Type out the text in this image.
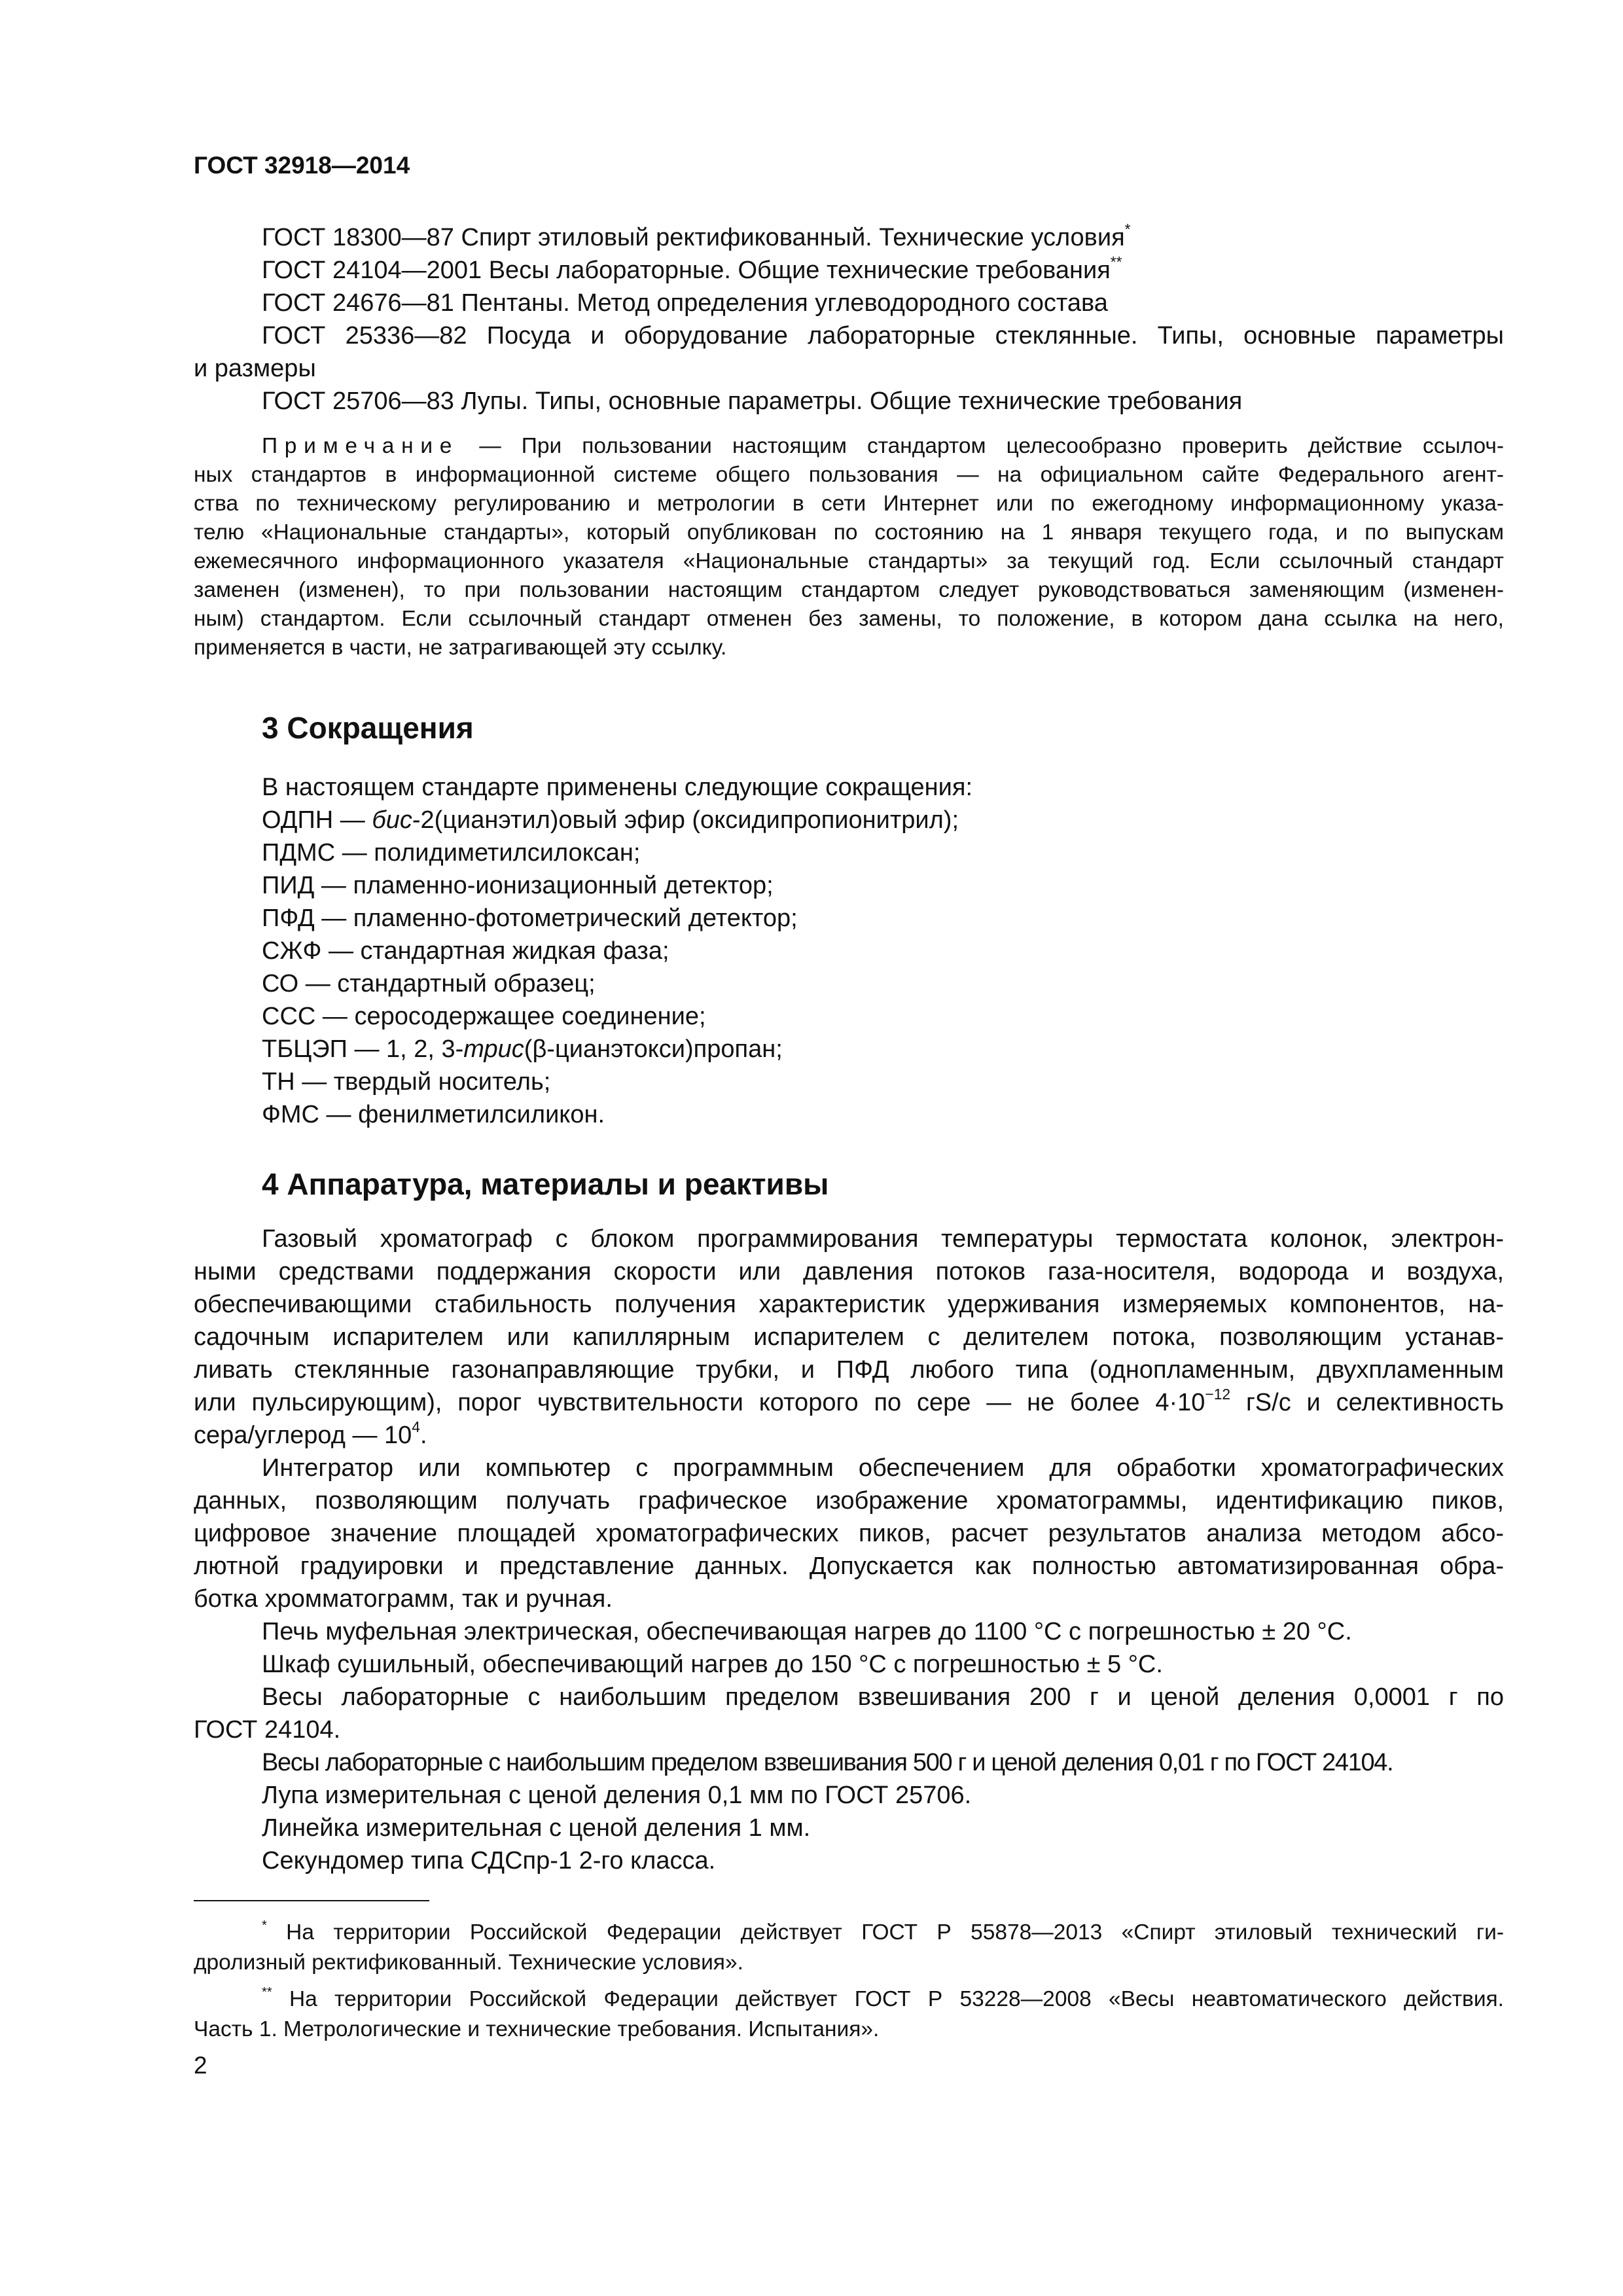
ГОСТ 32918—2014
ГОСТ 18300—87 Спирт этиловый ректификованный. Технические условия*
ГОСТ 24104—2001 Весы лабораторные. Общие технические требования**
ГОСТ 24676—81 Пентаны. Метод определения углеводородного состава
ГОСТ 25336—82 Посуда и оборудование лабораторные стеклянные. Типы, основные параметры
и размеры
ГОСТ 25706—83 Лупы. Типы, основные параметры. Общие технические требования
Примечание — При пользовании настоящим стандартом целесообразно проверить действие ссылоч-
ных стандартов в информационной системе общего пользования — на официальном сайте Федерального агент-
ства по техническому регулированию и метрологии в сети Интернет или по ежегодному информационному указа-
телю «Национальные стандарты», который опубликован по состоянию на 1 января текущего года, и по выпускам
ежемесячного информационного указателя «Национальные стандарты» за текущий год. Если ссылочный стандарт
заменен (изменен), то при пользовании настоящим стандартом следует руководствоваться заменяющим (изменен-
ным) стандартом. Если ссылочный стандарт отменен без замены, то положение, в котором дана ссылка на него,
применяется в части, не затрагивающей эту ссылку.
3 Сокращения
В настоящем стандарте применены следующие сокращения:
ОДПН — бис-2(цианэтил)овый эфир (оксидипропионитрил);
ПДМС — полидиметилсилоксан;
ПИД — пламенно-ионизационный детектор;
ПФД — пламенно-фотометрический детектор;
СЖФ — стандартная жидкая фаза;
СО — стандартный образец;
ССС — серосодержащее соединение;
ТБЦЭП — 1, 2, 3-трис(β-цианэтокси)пропан;
ТН — твердый носитель;
ФМС — фенилметилсиликон.
4 Аппаратура, материалы и реактивы
Газовый хроматограф с блоком программирования температуры термостата колонок, электрон-
ными средствами поддержания скорости или давления потоков газа-носителя, водорода и воздуха,
обеспечивающими стабильность получения характеристик удерживания измеряемых компонентов, на-
садочным испарителем или капиллярным испарителем с делителем потока, позволяющим устанав-
ливать стеклянные газонаправляющие трубки, и ПФД любого типа (однопламенным, двухпламенным
или пульсирующим), порог чувствительности которого по сере — не более $4\cdot 10^{-12}$ гS/с и селективность
сера/углерод — $10^4$.
Интегратор или компьютер с программным обеспечением для обработки хроматографических
данных, позволяющим получать графическое изображение хроматограммы, идентификацию пиков,
цифровое значение площадей хроматографических пиков, расчет результатов анализа методом абсо-
лютной градуировки и представление данных. Допускается как полностью автоматизированная обра-
ботка хромматограмм, так и ручная.
Печь муфельная электрическая, обеспечивающая нагрев до 1100 °С с погрешностью ± 20 °С.
Шкаф сушильный, обеспечивающий нагрев до 150 °С с погрешностью ± 5 °С.
Весы лабораторные с наибольшим пределом взвешивания 200 г и ценой деления 0,0001 г по
ГОСТ 24104.
Весы лабораторные с наибольшим пределом взвешивания 500 г и ценой деления 0,01 г по ГОСТ 24104.
Лупа измерительная с ценой деления 0,1 мм по ГОСТ 25706.
Линейка измерительная с ценой деления 1 мм.
Секундомер типа СДСпр-1 2-го класса.
* На территории Российской Федерации действует ГОСТ Р 55878—2013 «Спирт этиловый технический ги-
дролизный ректификованный. Технические условия».
** На территории Российской Федерации действует ГОСТ Р 53228—2008 «Весы неавтоматического действия.
Часть 1. Метрологические и технические требования. Испытания».
2
